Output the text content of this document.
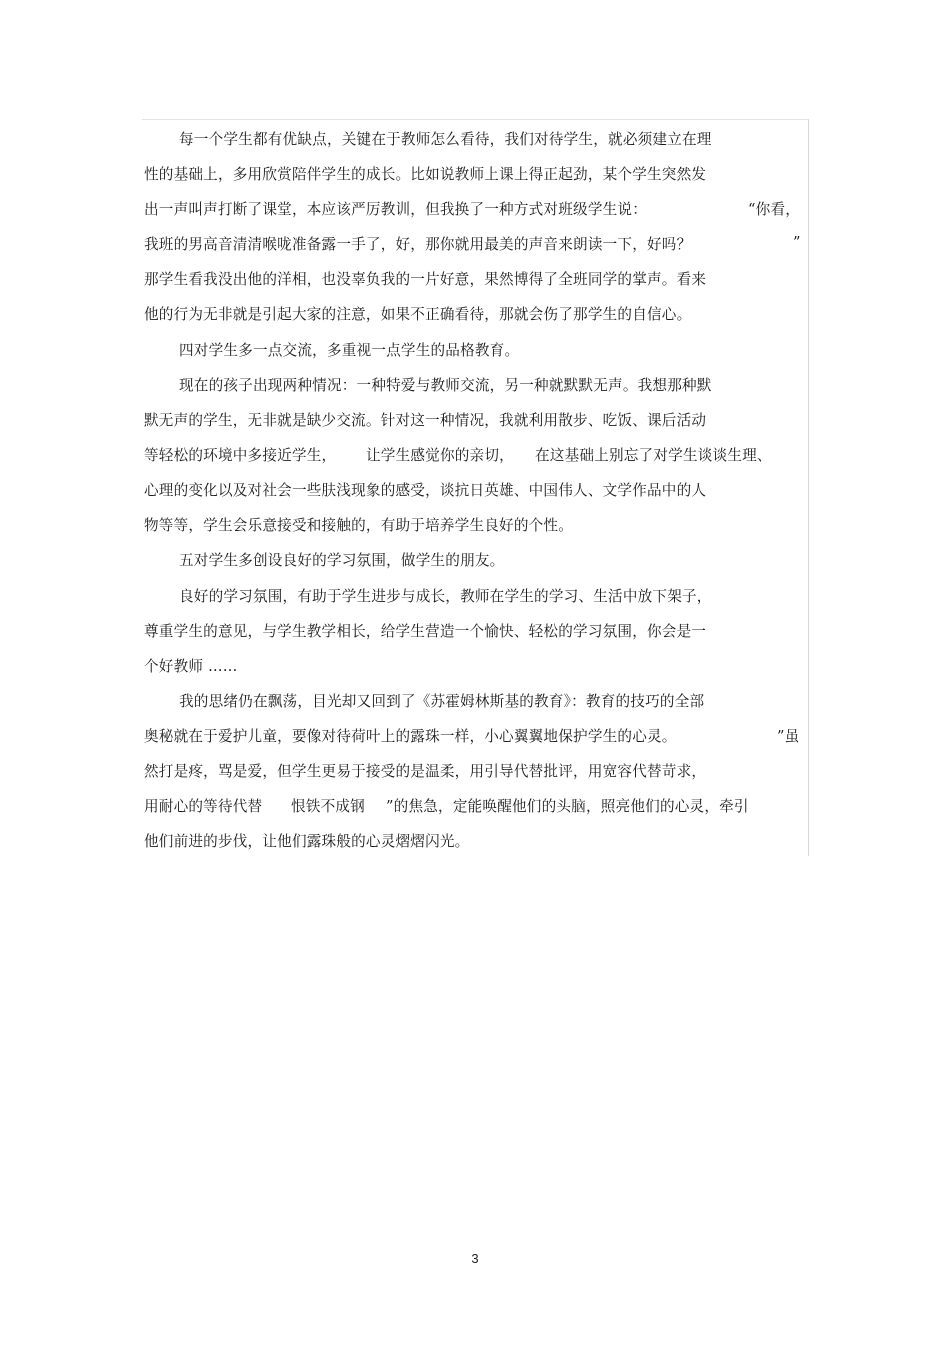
每一个学生都有优缺点，关键在于教师怎么看待，我们对待学生，就必须建立在理
性的基础上，多用欣赏陪伴学生的成长。比如说教师上课上得正起劲，某个学生突然发
出一声叫声打断了课堂，本应该严厉教训，但我换了一种方式对班级学生说：	“你看，
我班的男高音清清喉咙准备露一手了，好，那你就用最美的声音来朗读一下，好吗？	”
那学生看我没出他的洋相，也没辜负我的一片好意，果然博得了全班同学的掌声。看来
他的行为无非就是引起大家的注意，如果不正确看待，那就会伤了那学生的自信心。
四对学生多一点交流，多重视一点学生的品格教育。
现在的孩子出现两种情况：一种特爱与教师交流，另一种就默默无声。我想那种默
默无声的学生，无非就是缺少交流。针对这一种情况，我就利用散步、吃饭、课后活动
等轻松的环境中多接近学生， 让学生感觉你的亲切， 在这基础上别忘了对学生谈谈生理、
心理的变化以及对社会一些肤浅现象的感受，谈抗日英雄、中国伟人、文学作品中的人
物等等，学生会乐意接受和接触的，有助于培养学生良好的个性。
五对学生多创设良好的学习氛围，做学生的朋友。
良好的学习氛围，有助于学生进步与成长，教师在学生的学习、生活中放下架子，
尊重学生的意见，与学生教学相长，给学生营造一个愉快、轻松的学习氛围，你会是一
个好教师 ……
我的思绪仍在飘荡，目光却又回到了《苏霍姆林斯基的教育》：教育的技巧的全部
奥秘就在于爱护儿童，要像对待荷叶上的露珠一样，小心翼翼地保护学生的心灵。	”虽
然打是疼，骂是爱，但学生更易于接受的是温柔，用引导代替批评，用宽容代替苛求，
用耐心的等待代替 恨铁不成钢 ”的焦急，定能唤醒他们的头脑，照亮他们的心灵，牵引
他们前进的步伐，让他们露珠般的心灵熠熠闪光。
3
